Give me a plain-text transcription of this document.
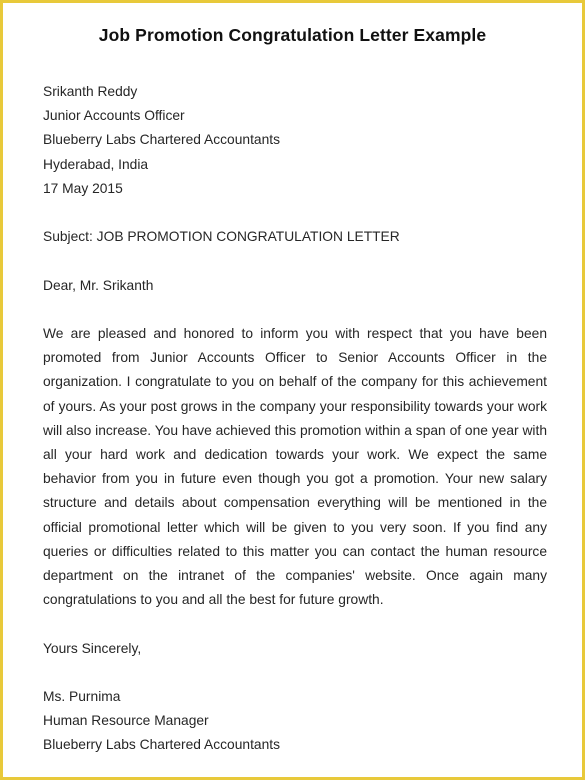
Job Promotion Congratulation Letter Example
Srikanth Reddy
Junior Accounts Officer
Blueberry Labs Chartered Accountants
Hyderabad, India
17 May 2015
Subject: JOB PROMOTION CONGRATULATION LETTER
Dear, Mr. Srikanth

We are pleased and honored to inform you with respect that you have been promoted from Junior Accounts Officer to Senior Accounts Officer in the organization. I congratulate to you on behalf of the company for this achievement of yours. As your post grows in the company your responsibility towards your work will also increase. You have achieved this promotion within a span of one year with all your hard work and dedication towards your work. We expect the same behavior from you in future even though you got a promotion. Your new salary structure and details about compensation everything will be mentioned in the official promotional letter which will be given to you very soon. If you find any queries or difficulties related to this matter you can contact the human resource department on the intranet of the companies' website. Once again many congratulations to you and all the best for future growth.

Yours Sincerely,
Ms. Purnima
Human Resource Manager
Blueberry Labs Chartered Accountants
